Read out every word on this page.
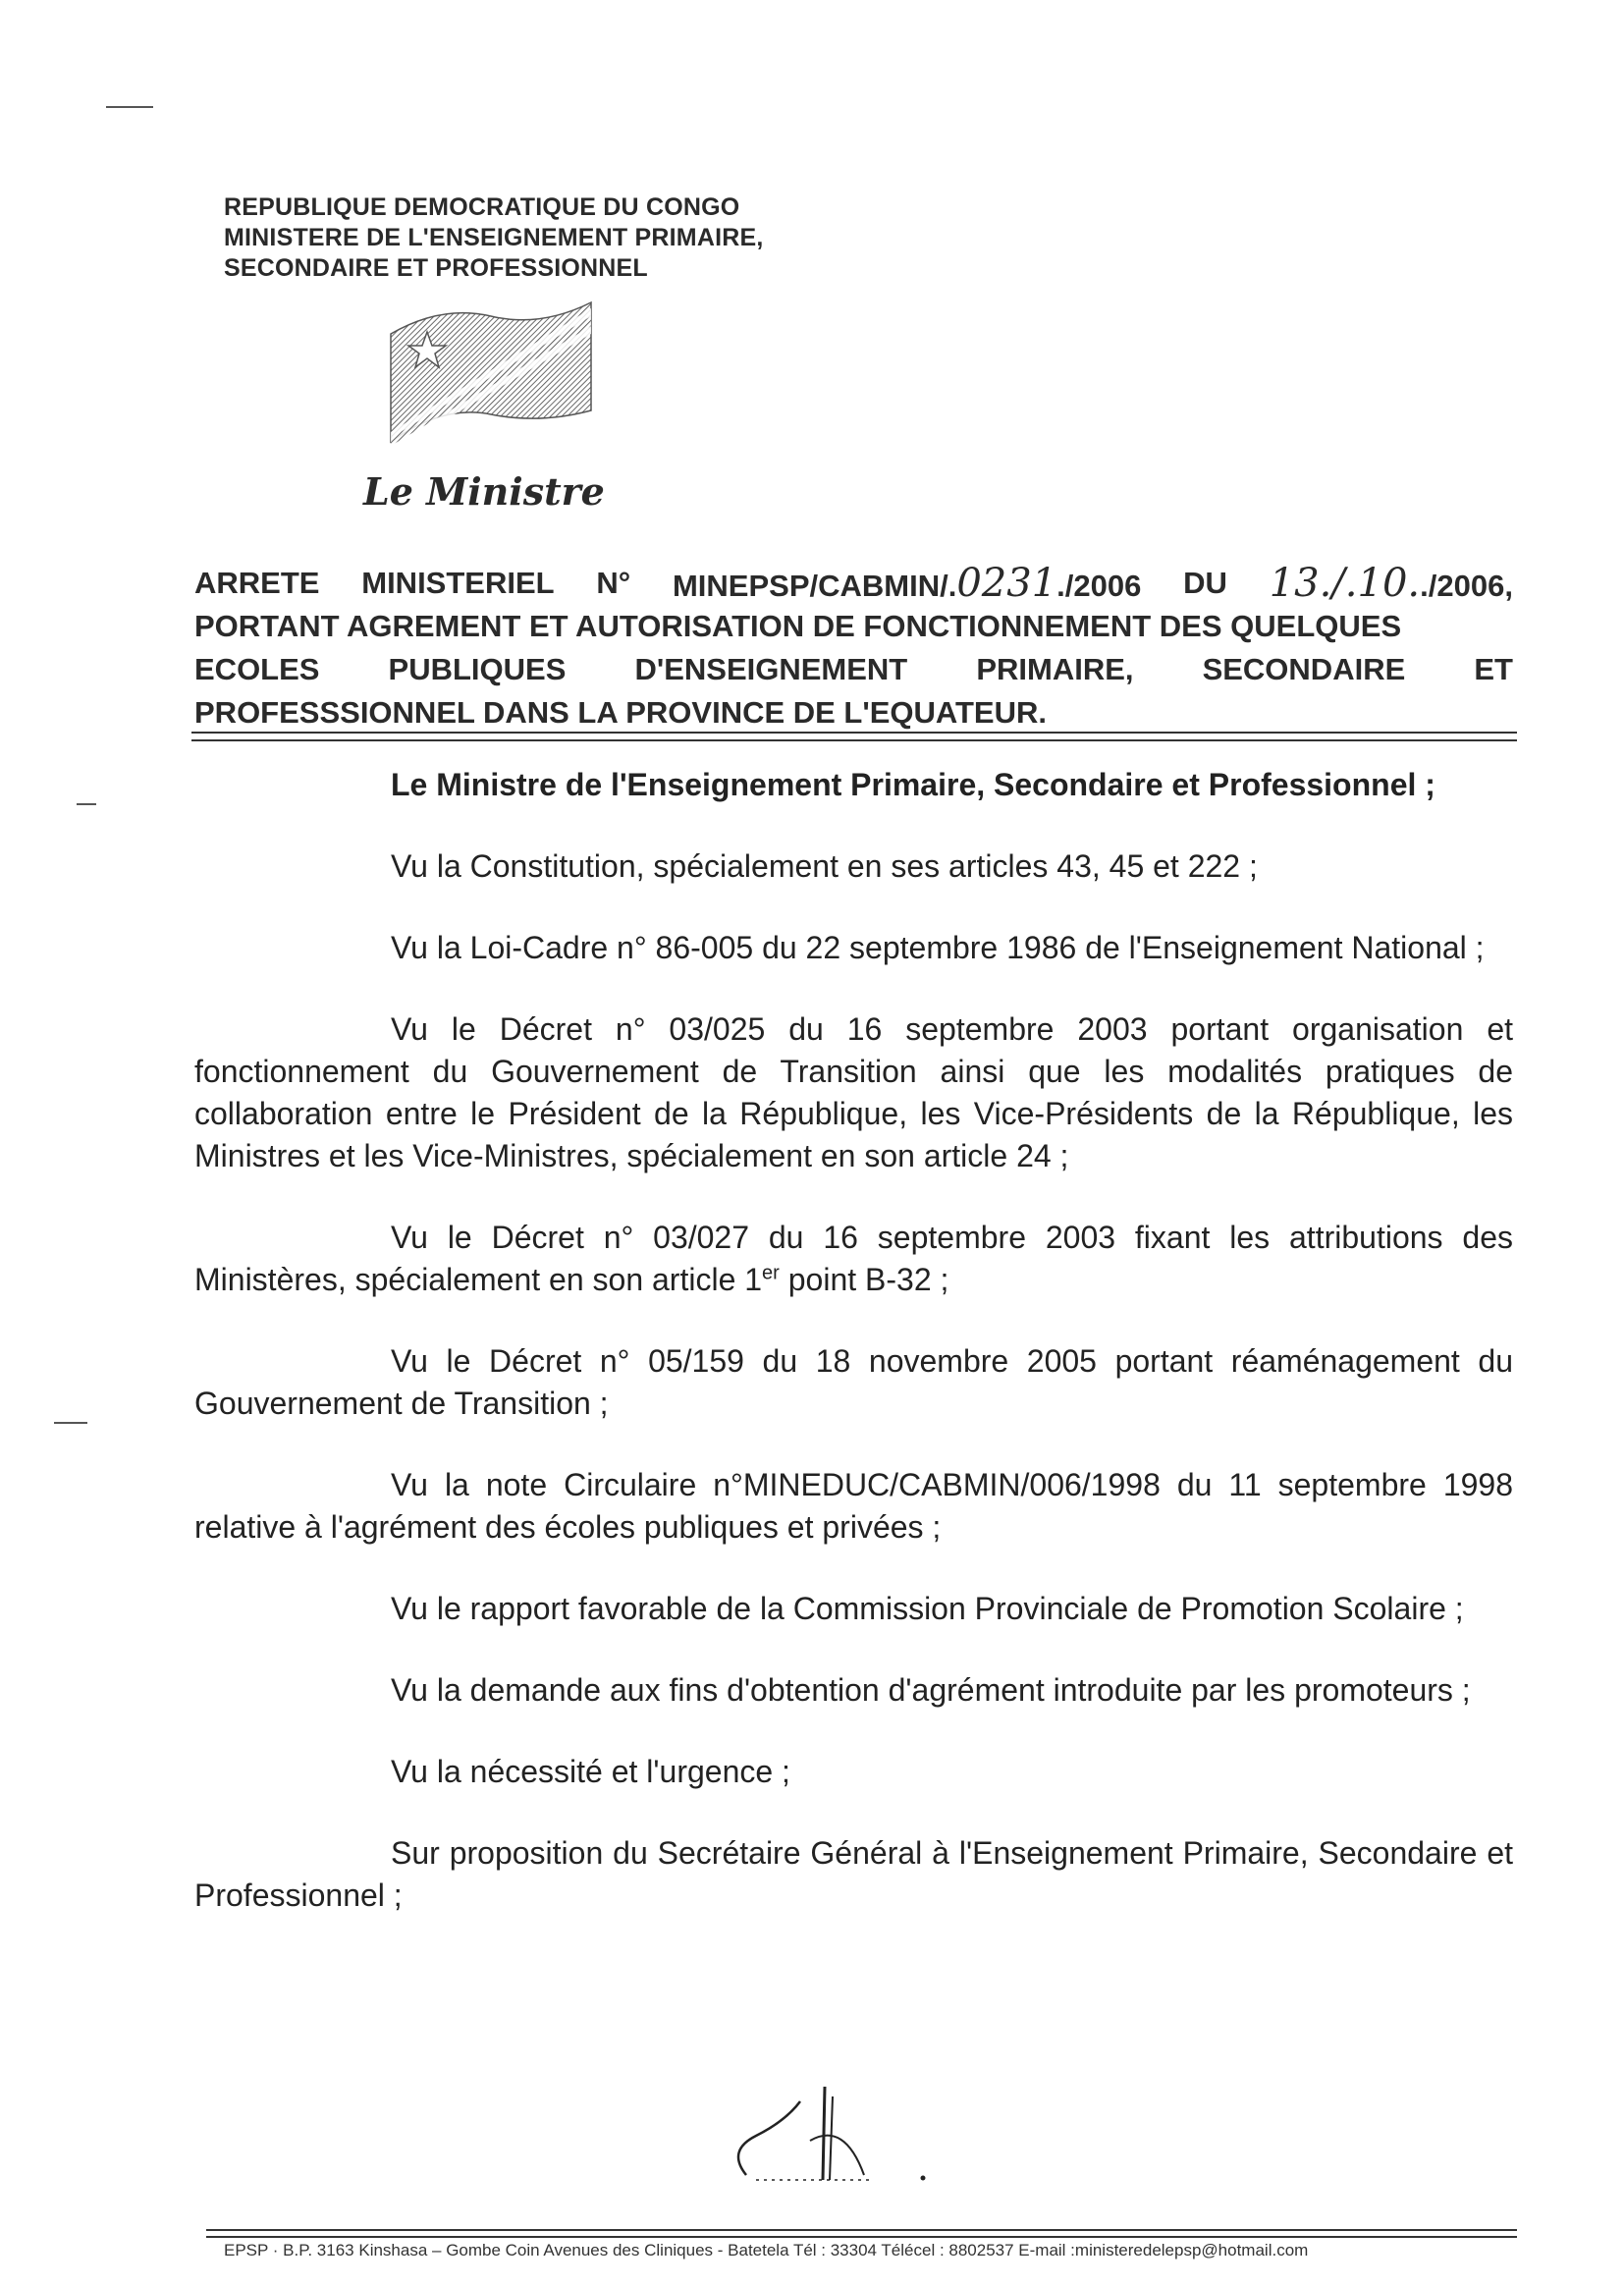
REPUBLIQUE DEMOCRATIQUE DU CONGO
MINISTERE DE L'ENSEIGNEMENT PRIMAIRE,
SECONDAIRE ET PROFESSIONNEL
Le Ministre
ARRETE MINISTERIEL N° MINEPSP/CABMIN/.0231./2006 DU 13./.10../2006,
PORTANT AGREMENT ET AUTORISATION DE FONCTIONNEMENT DES QUELQUES
ECOLES PUBLIQUES D'ENSEIGNEMENT PRIMAIRE, SECONDAIRE ET
PROFESSSIONNEL DANS LA PROVINCE DE L'EQUATEUR.

Le Ministre de l'Enseignement Primaire, Secondaire et Professionnel ;

Vu la Constitution, spécialement en ses articles 43, 45 et 222 ;

Vu la Loi-Cadre n° 86-005 du 22 septembre 1986 de l'Enseignement National ;

Vu le Décret n° 03/025 du 16 septembre 2003 portant organisation et fonctionnement du Gouvernement de Transition ainsi que les modalités pratiques de collaboration entre le Président de la République, les Vice-Présidents de la République, les Ministres et les Vice-Ministres, spécialement en son article 24 ;

Vu le Décret n° 03/027 du 16 septembre 2003 fixant les attributions des Ministères, spécialement en son article 1er point B-32 ;

Vu le Décret n° 05/159 du 18 novembre 2005 portant réaménagement du Gouvernement de Transition ;

Vu la note Circulaire n°MINEDUC/CABMIN/006/1998 du 11 septembre 1998 relative à l'agrément des écoles publiques et privées ;

Vu le rapport favorable de la Commission Provinciale de Promotion Scolaire ;

Vu la demande aux fins d'obtention d'agrément introduite par les promoteurs ;

Vu la nécessité et l'urgence ;

Sur proposition du Secrétaire Général à l'Enseignement Primaire, Secondaire et Professionnel ;

EPSP · B.P. 3163 Kinshasa – Gombe Coin Avenues des Cliniques - Batetela Tél : 33304 Télécel : 8802537 E-mail :ministeredelepsp@hotmail.com
